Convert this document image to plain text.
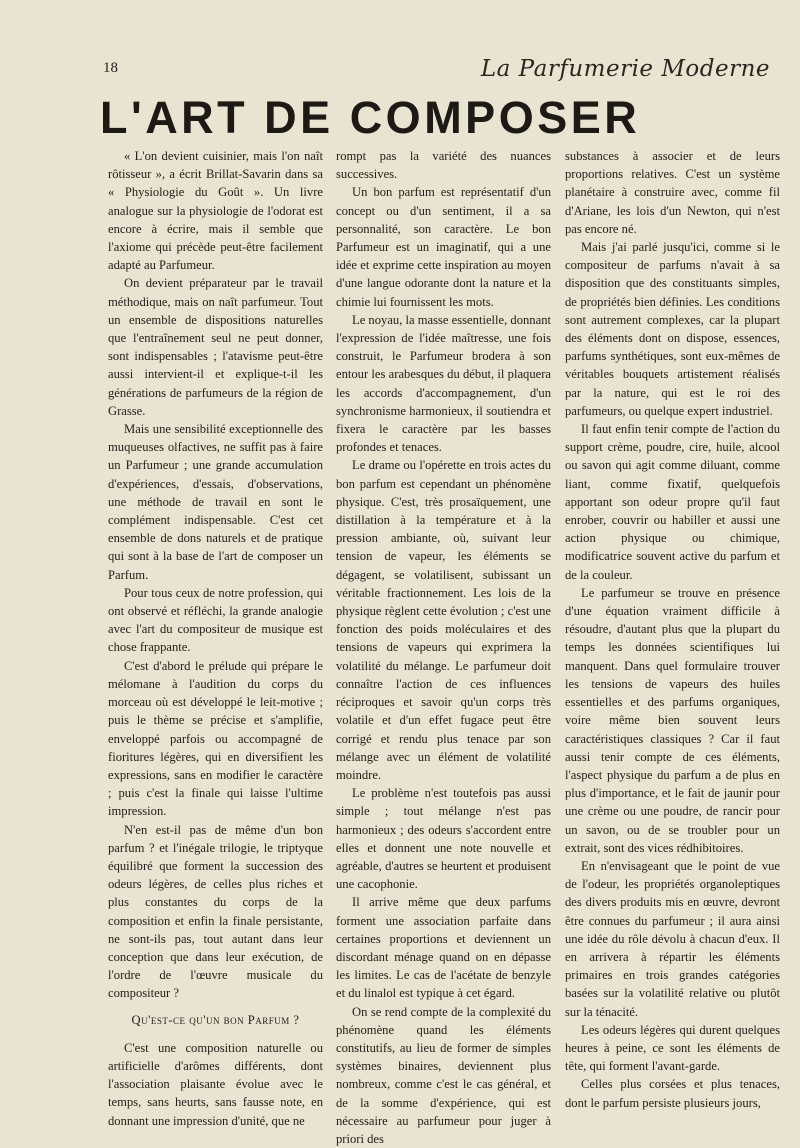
18	La Parfumerie Moderne
L'ART DE COMPOSER

« L'on devient cuisinier, mais l'on naît rôtisseur », a écrit Brillat-Savarin dans sa « Physiologie du Goût ». Un livre analogue sur la physiologie de l'odorat est encore à écrire, mais il semble que l'axiome qui précède peut-être facilement adapté au Parfumeur.

On devient préparateur par le travail méthodique, mais on naît parfumeur. Tout un ensemble de dispositions naturelles que l'entraînement seul ne peut donner, sont indispensables ; l'atavisme peut-être aussi intervient-il et explique-t-il les générations de parfumeurs de la région de Grasse.

Mais une sensibilité exceptionnelle des muqueuses olfactives, ne suffit pas à faire un Parfumeur ; une grande accumulation d'expériences, d'essais, d'observations, une méthode de travail en sont le complément indispensable. C'est cet ensemble de dons naturels et de pratique qui sont à la base de l'art de composer un Parfum.

Pour tous ceux de notre profession, qui ont observé et réfléchi, la grande analogie avec l'art du compositeur de musique est chose frappante.

C'est d'abord le prélude qui prépare le mélomane à l'audition du corps du morceau où est développé le leit-motive ; puis le thème se précise et s'amplifie, enveloppé parfois ou accompagné de fioritures légères, qui en diversifient les expressions, sans en modifier le caractère ; puis c'est la finale qui laisse l'ultime impression.

N'en est-il pas de même d'un bon parfum ? et l'inégale trilogie, le triptyque équilibré que forment la succession des odeurs légères, de celles plus riches et plus constantes du corps de la composition et enfin la finale persistante, ne sont-ils pas, tout autant dans leur conception que dans leur exécution, de l'ordre de l'œuvre musicale du compositeur ?

Qu'est-ce qu'un bon Parfum ?

C'est une composition naturelle ou artificielle d'arômes différents, dont l'association plaisante évolue avec le temps, sans heurts, sans fausse note, en donnant une impression d'unité, que ne

rompt pas la variété des nuances successives.

Un bon parfum est représentatif d'un concept ou d'un sentiment, il a sa personnalité, son caractère. Le bon Parfumeur est un imaginatif, qui a une idée et exprime cette inspiration au moyen d'une langue odorante dont la nature et la chimie lui fournissent les mots.

Le noyau, la masse essentielle, donnant l'expression de l'idée maîtresse, une fois construit, le Parfumeur brodera à son entour les arabesques du début, il plaquera les accords d'accompagnement, d'un synchronisme harmonieux, il soutiendra et fixera le caractère par les basses profondes et tenaces.

Le drame ou l'opérette en trois actes du bon parfum est cependant un phénomène physique. C'est, très prosaïquement, une distillation à la température et à la pression ambiante, où, suivant leur tension de vapeur, les éléments se dégagent, se volatilisent, subissant un véritable fractionnement. Les lois de la physique règlent cette évolution ; c'est une fonction des poids moléculaires et des tensions de vapeurs qui exprimera la volatilité du mélange. Le parfumeur doit connaître l'action de ces influences réciproques et savoir qu'un corps très volatile et d'un effet fugace peut être corrigé et rendu plus tenace par son mélange avec un élément de volatilité moindre.

Le problème n'est toutefois pas aussi simple ; tout mélange n'est pas harmonieux ; des odeurs s'accordent entre elles et donnent une note nouvelle et agréable, d'autres se heurtent et produisent une cacophonie.

Il arrive même que deux parfums forment une association parfaite dans certaines proportions et deviennent un discordant ménage quand on en dépasse les limites. Le cas de l'acétate de benzyle et du linalol est typique à cet égard.

On se rend compte de la complexité du phénomène quand les éléments constitutifs, au lieu de former de simples systèmes binaires, deviennent plus nombreux, comme c'est le cas général, et de la somme d'expérience, qui est nécessaire au parfumeur pour juger à priori des

substances à associer et de leurs proportions relatives. C'est un système planétaire à construire avec, comme fil d'Ariane, les lois d'un Newton, qui n'est pas encore né.

Mais j'ai parlé jusqu'ici, comme si le compositeur de parfums n'avait à sa disposition que des constituants simples, de propriétés bien définies. Les conditions sont autrement complexes, car la plupart des éléments dont on dispose, essences, parfums synthétiques, sont eux-mêmes de véritables bouquets artistement réalisés par la nature, qui est le roi des parfumeurs, ou quelque expert industriel.

Il faut enfin tenir compte de l'action du support crème, poudre, cire, huile, alcool ou savon qui agit comme diluant, comme liant, comme fixatif, quelquefois apportant son odeur propre qu'il faut enrober, couvrir ou habiller et aussi une action physique ou chimique, modificatrice souvent active du parfum et de la couleur.

Le parfumeur se trouve en présence d'une équation vraiment difficile à résoudre, d'autant plus que la plupart du temps les données scientifiques lui manquent. Dans quel formulaire trouver les tensions de vapeurs des huiles essentielles et des parfums organiques, voire même bien souvent leurs caractéristiques classiques ? Car il faut aussi tenir compte de ces éléments, l'aspect physique du parfum a de plus en plus d'importance, et le fait de jaunir pour une crème ou une poudre, de rancir pour un savon, ou de se troubler pour un extrait, sont des vices rédhibitoires.

En n'envisageant que le point de vue de l'odeur, les propriétés organoleptiques des divers produits mis en œuvre, devront être connues du parfumeur ; il aura ainsi une idée du rôle dévolu à chacun d'eux. Il en arrivera à répartir les éléments primaires en trois grandes catégories basées sur la volatilité relative ou plutôt sur la ténacité.

Les odeurs légères qui durent quelques heures à peine, ce sont les éléments de tête, qui forment l'avant-garde.

Celles plus corsées et plus tenaces, dont le parfum persiste plusieurs jours,
